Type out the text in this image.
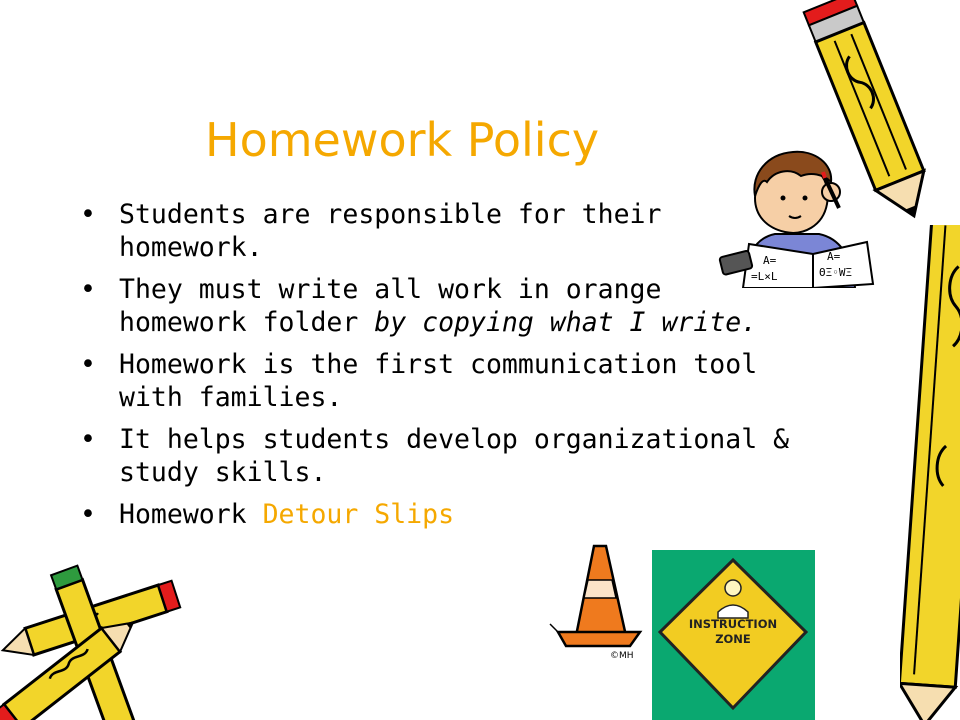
A=
=L×L
A=
ΘΞ◦WΞ
©MH
INSTRUCTION
ZONE
Homework Policy
• Students are responsible for their
homework.
• They must write all work in orange
homework folder by copying what I write.
• Homework is the first communication tool
with families.
• It helps students develop organizational &
study skills.
• Homework Detour Slips
